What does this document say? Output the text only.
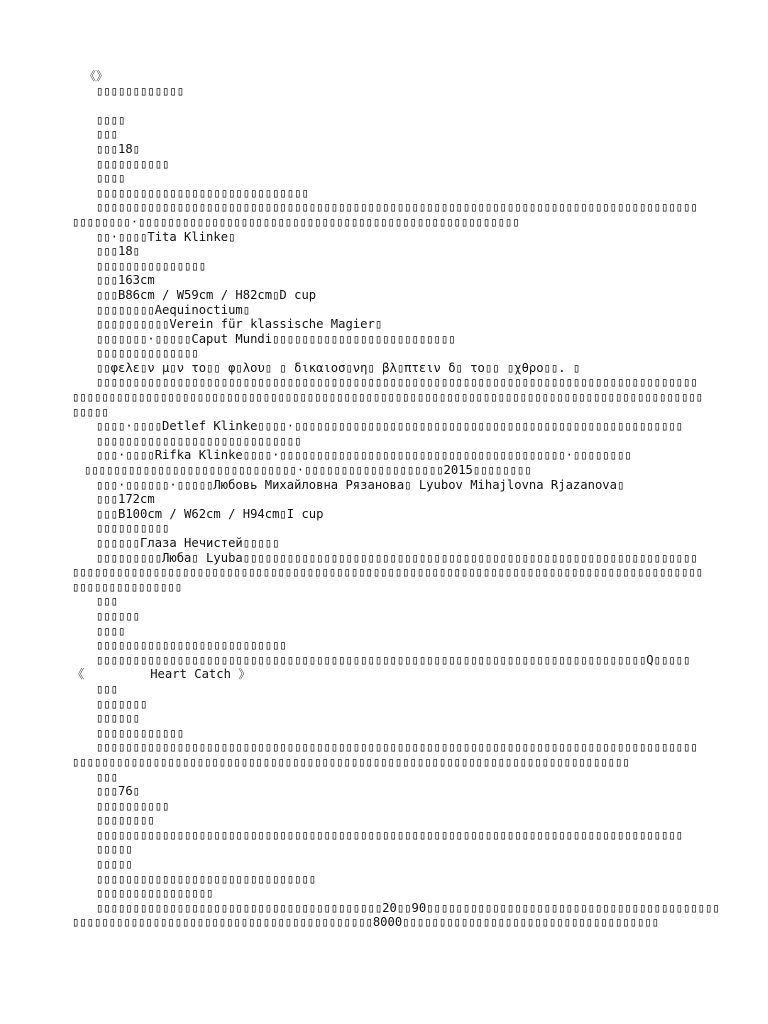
《》
▯▯▯▯▯▯▯▯▯▯▯▯
▯▯▯▯
▯▯▯
▯▯▯18▯
▯▯▯▯▯▯▯▯▯▯
▯▯▯▯
▯▯▯▯▯▯▯▯▯▯▯▯▯▯▯▯▯▯▯▯▯▯▯▯▯▯▯▯▯
▯▯▯▯▯▯▯▯▯▯▯▯▯▯▯▯▯▯▯▯▯▯▯▯▯▯▯▯▯▯▯▯▯▯▯▯▯▯▯▯▯▯▯▯▯▯▯▯▯▯▯▯▯▯▯▯▯▯▯▯▯▯▯▯▯▯▯▯▯▯▯▯▯▯▯▯▯▯▯▯▯▯
▯▯▯▯▯▯▯▯·▯▯▯▯▯▯▯▯▯▯▯▯▯▯▯▯▯▯▯▯▯▯▯▯▯▯▯▯▯▯▯▯▯▯▯▯▯▯▯▯▯▯▯▯▯▯▯▯▯▯▯▯
▯▯·▯▯▯▯Tita Klinke▯
▯▯▯18▯
▯▯▯▯▯▯▯▯▯▯▯▯▯▯▯
▯▯▯163cm
▯▯▯B86cm / W59cm / H82cm▯D cup
▯▯▯▯▯▯▯▯Aequinoctium▯
▯▯▯▯▯▯▯▯▯▯Verein für klassische Magier▯
▯▯▯▯▯▯▯·▯▯▯▯▯Caput Mundi▯▯▯▯▯▯▯▯▯▯▯▯▯▯▯▯▯▯▯▯▯▯▯▯▯
▯▯▯▯▯▯▯▯▯▯▯▯▯▯
▯▯φελε▯ν μ▯ν το▯▯ φ▯λου▯ ▯ δικαιοσ▯νη▯ βλ▯πτειν δ▯ το▯▯ ▯χθρο▯▯. ▯
▯▯▯▯▯▯▯▯▯▯▯▯▯▯▯▯▯▯▯▯▯▯▯▯▯▯▯▯▯▯▯▯▯▯▯▯▯▯▯▯▯▯▯▯▯▯▯▯▯▯▯▯▯▯▯▯▯▯▯▯▯▯▯▯▯▯▯▯▯▯▯▯▯▯▯▯▯▯▯▯▯▯
▯▯▯▯▯▯▯▯▯▯▯▯▯▯▯▯▯▯▯▯▯▯▯▯▯▯▯▯▯▯▯▯▯▯▯▯▯▯▯▯▯▯▯▯▯▯▯▯▯▯▯▯▯▯▯▯▯▯▯▯▯▯▯▯▯▯▯▯▯▯▯▯▯▯▯▯▯▯▯▯▯▯▯▯▯▯
▯▯▯▯▯
▯▯▯▯·▯▯▯▯Detlef Klinke▯▯▯▯·▯▯▯▯▯▯▯▯▯▯▯▯▯▯▯▯▯▯▯▯▯▯▯▯▯▯▯▯▯▯▯▯▯▯▯▯▯▯▯▯▯▯▯▯▯▯▯▯▯▯▯▯▯
▯▯▯▯▯▯▯▯▯▯▯▯▯▯▯▯▯▯▯▯▯▯▯▯▯▯▯▯
▯▯▯·▯▯▯▯Rifka Klinke▯▯▯▯·▯▯▯▯▯▯▯▯▯▯▯▯▯▯▯▯▯▯▯▯▯▯▯▯▯▯▯▯▯▯▯▯▯▯▯▯▯▯▯·▯▯▯▯▯▯▯▯
▯▯▯▯▯▯▯▯▯▯▯▯▯▯▯▯▯▯▯▯▯▯▯▯▯▯▯▯▯·▯▯▯▯▯▯▯▯▯▯▯▯▯▯▯▯▯▯▯2015▯▯▯▯▯▯▯▯
▯▯▯·▯▯▯▯▯▯·▯▯▯▯▯Любовь Михайловна Рязанова▯ Lyubov Mihajlovna Rjazanova▯
▯▯▯172cm
▯▯▯B100cm / W62cm / H94cm▯I cup
▯▯▯▯▯▯▯▯▯▯
▯▯▯▯▯▯Глаза Нечистей▯▯▯▯▯
▯▯▯▯▯▯▯▯▯Люба▯ Lyuba▯▯▯▯▯▯▯▯▯▯▯▯▯▯▯▯▯▯▯▯▯▯▯▯▯▯▯▯▯▯▯▯▯▯▯▯▯▯▯▯▯▯▯▯▯▯▯▯▯▯▯▯▯▯▯▯▯▯▯▯▯▯
▯▯▯▯▯▯▯▯▯▯▯▯▯▯▯▯▯▯▯▯▯▯▯▯▯▯▯▯▯▯▯▯▯▯▯▯▯▯▯▯▯▯▯▯▯▯▯▯▯▯▯▯▯▯▯▯▯▯▯▯▯▯▯▯▯▯▯▯▯▯▯▯▯▯▯▯▯▯▯▯▯▯▯▯▯▯
▯▯▯▯▯▯▯▯▯▯▯▯▯▯▯
▯▯▯
▯▯▯▯▯▯
▯▯▯▯
▯▯▯▯▯▯▯▯▯▯▯▯▯▯▯▯▯▯▯▯▯▯▯▯▯▯
▯▯▯▯▯▯▯▯▯▯▯▯▯▯▯▯▯▯▯▯▯▯▯▯▯▯▯▯▯▯▯▯▯▯▯▯▯▯▯▯▯▯▯▯▯▯▯▯▯▯▯▯▯▯▯▯▯▯▯▯▯▯▯▯▯▯▯▯▯▯▯▯▯▯▯Q▯▯▯▯▯
《         Heart Catch 》
▯▯▯
▯▯▯▯▯▯▯
▯▯▯▯▯▯
▯▯▯▯▯▯▯▯▯▯▯▯
▯▯▯▯▯▯▯▯▯▯▯▯▯▯▯▯▯▯▯▯▯▯▯▯▯▯▯▯▯▯▯▯▯▯▯▯▯▯▯▯▯▯▯▯▯▯▯▯▯▯▯▯▯▯▯▯▯▯▯▯▯▯▯▯▯▯▯▯▯▯▯▯▯▯▯▯▯▯▯▯▯▯
▯▯▯▯▯▯▯▯▯▯▯▯▯▯▯▯▯▯▯▯▯▯▯▯▯▯▯▯▯▯▯▯▯▯▯▯▯▯▯▯▯▯▯▯▯▯▯▯▯▯▯▯▯▯▯▯▯▯▯▯▯▯▯▯▯▯▯▯▯▯▯▯▯▯▯▯
▯▯▯
▯▯▯76▯
▯▯▯▯▯▯▯▯▯▯
▯▯▯▯▯▯▯▯
▯▯▯▯▯▯▯▯▯▯▯▯▯▯▯▯▯▯▯▯▯▯▯▯▯▯▯▯▯▯▯▯▯▯▯▯▯▯▯▯▯▯▯▯▯▯▯▯▯▯▯▯▯▯▯▯▯▯▯▯▯▯▯▯▯▯▯▯▯▯▯▯▯▯▯▯▯▯▯▯
▯▯▯▯▯
▯▯▯▯▯
▯▯▯▯▯▯▯▯▯▯▯▯▯▯▯▯▯▯▯▯▯▯▯▯▯▯▯▯▯▯
▯▯▯▯▯▯▯▯▯▯▯▯▯▯▯▯
▯▯▯▯▯▯▯▯▯▯▯▯▯▯▯▯▯▯▯▯▯▯▯▯▯▯▯▯▯▯▯▯▯▯▯▯▯▯▯20▯▯90▯▯▯▯▯▯▯▯▯▯▯▯▯▯▯▯▯▯▯▯▯▯▯▯▯▯▯▯▯▯▯▯▯▯▯▯▯▯▯▯
▯▯▯▯▯▯▯▯▯▯▯▯▯▯▯▯▯▯▯▯▯▯▯▯▯▯▯▯▯▯▯▯▯▯▯▯▯▯▯▯▯8000▯▯▯▯▯▯▯▯▯▯▯▯▯▯▯▯▯▯▯▯▯▯▯▯▯▯▯▯▯▯▯▯▯▯▯
